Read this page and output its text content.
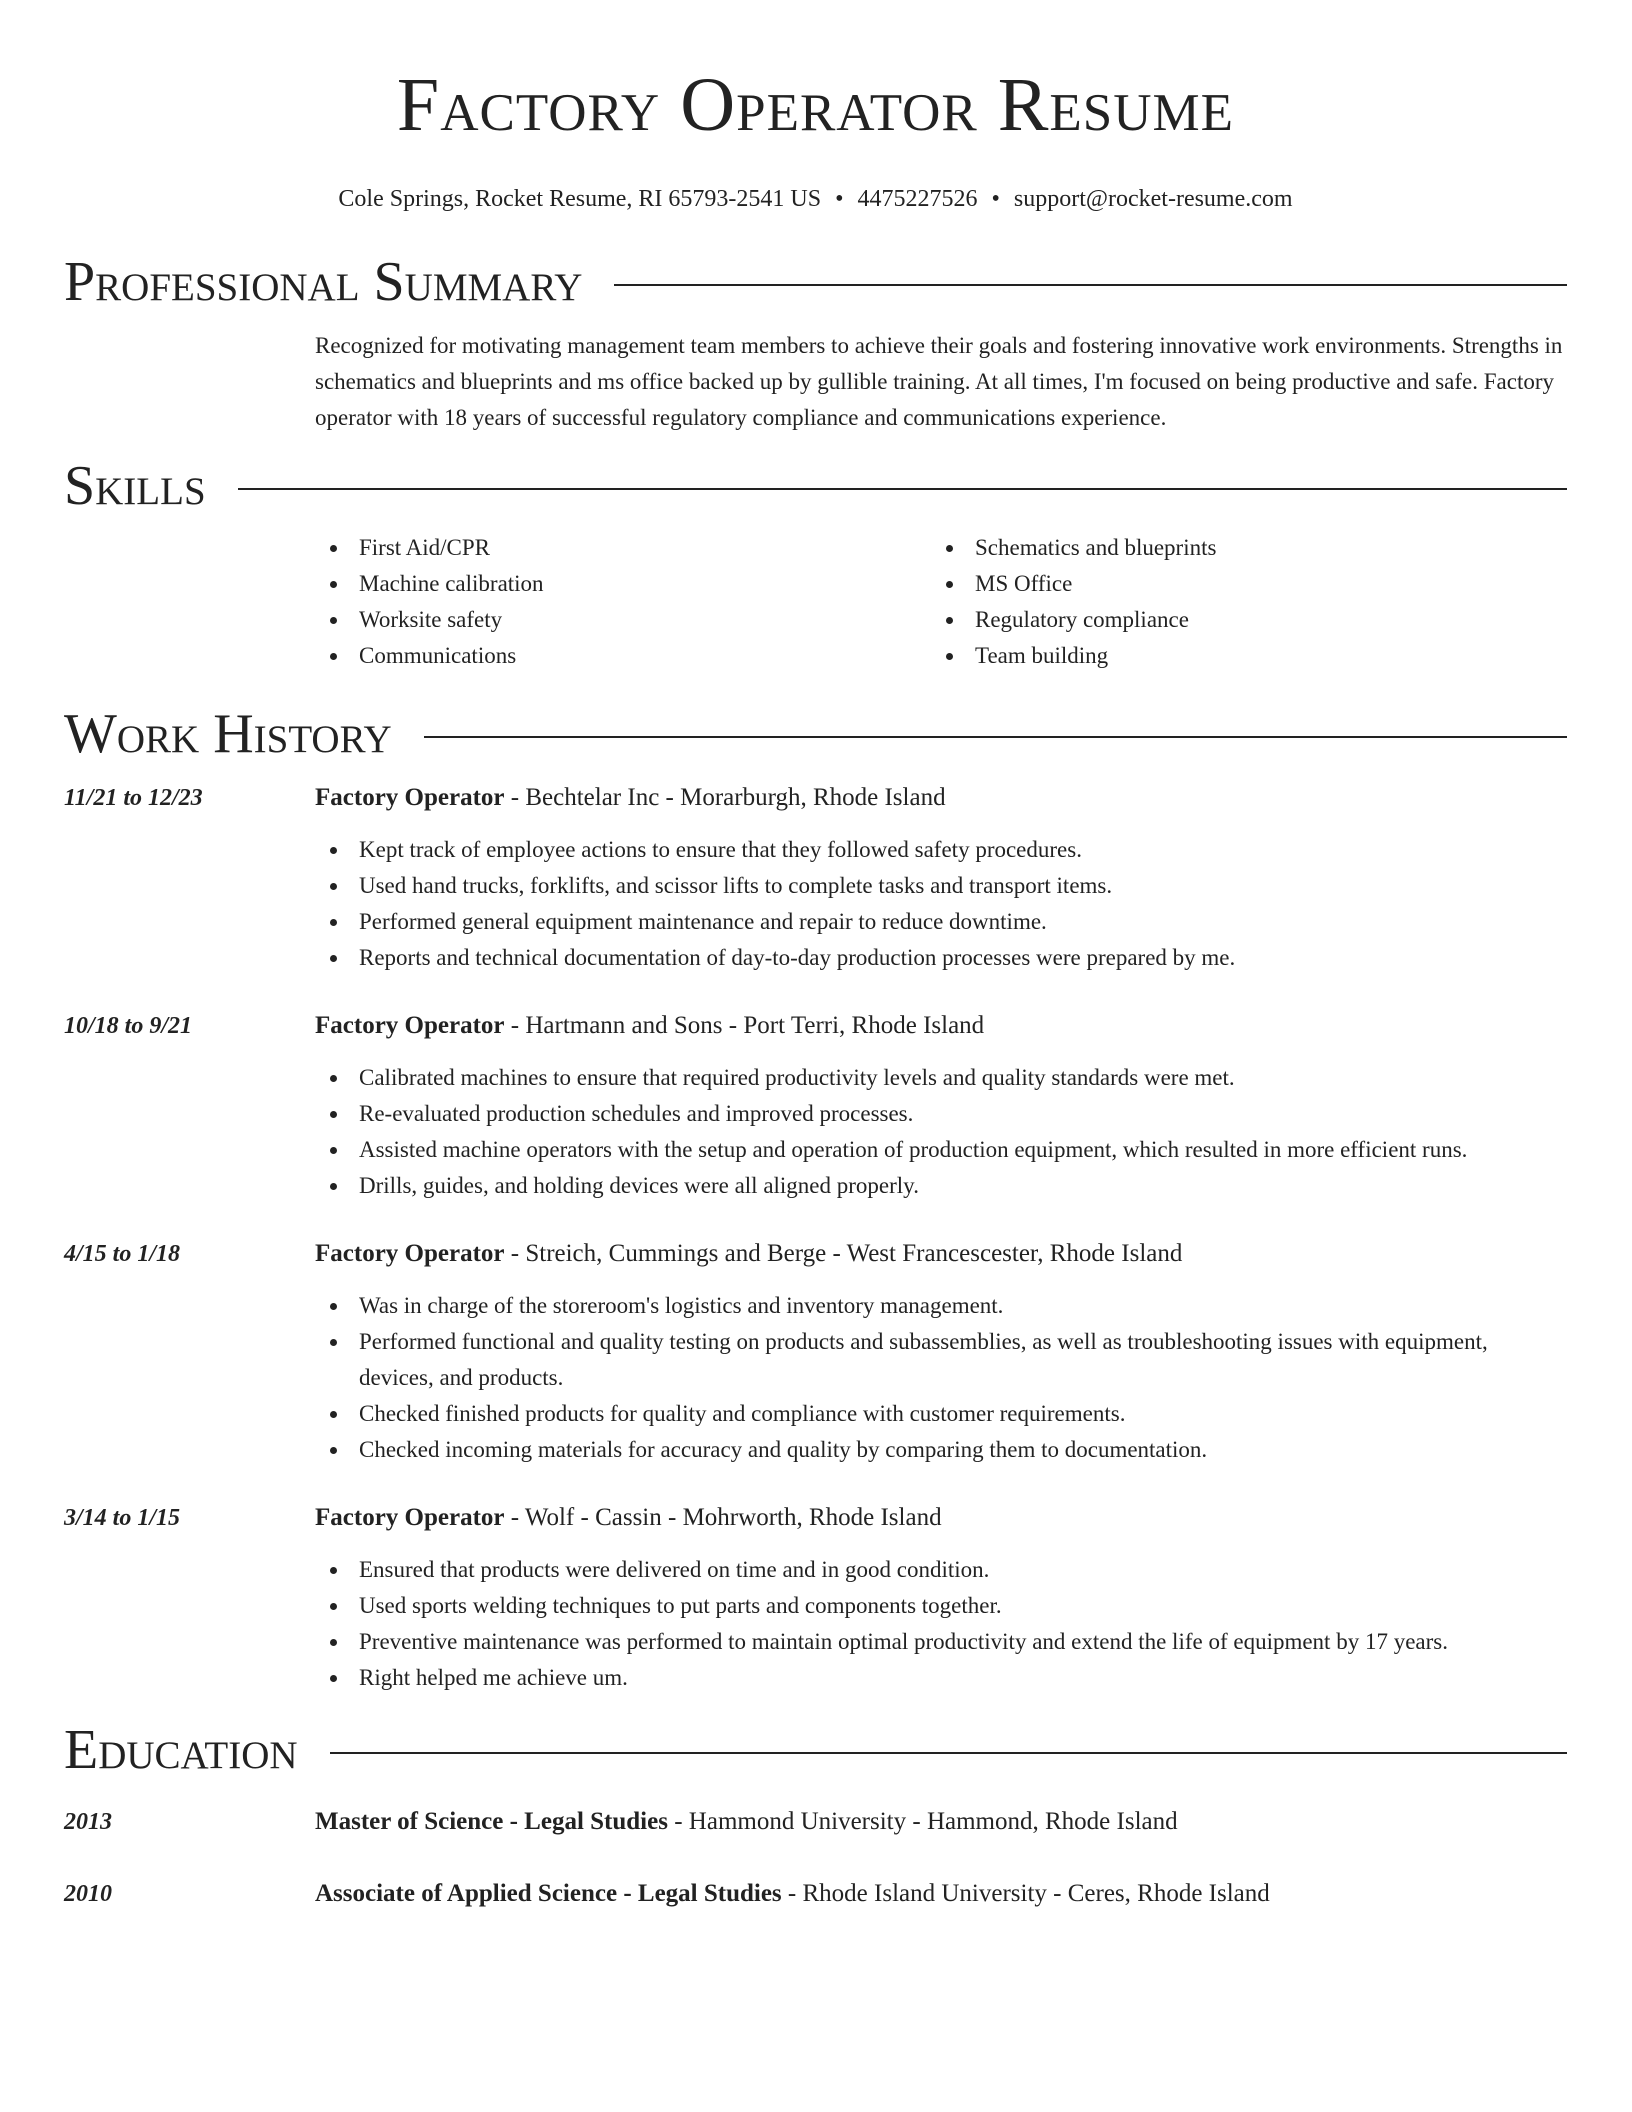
Factory Operator Resume
Cole Springs, Rocket Resume, RI 65793-2541 US • 4475227526 • support@rocket-resume.com
Professional Summary

Recognized for motivating management team members to achieve their goals and fostering innovative work environments. Strengths in schematics and blueprints and ms office backed up by gullible training. At all times, I'm focused on being productive and safe. Factory operator with 18 years of successful regulatory compliance and communications experience.

Skills
First Aid/CPR
Machine calibration
Worksite safety
Communications
Schematics and blueprints
MS Office
Regulatory compliance
Team building
Work History
11/21 to 12/23	Factory Operator - Bechtelar Inc - Morarburgh, Rhode Island
Kept track of employee actions to ensure that they followed safety procedures.
Used hand trucks, forklifts, and scissor lifts to complete tasks and transport items.
Performed general equipment maintenance and repair to reduce downtime.
Reports and technical documentation of day-to-day production processes were prepared by me.
10/18 to 9/21	Factory Operator - Hartmann and Sons - Port Terri, Rhode Island
Calibrated machines to ensure that required productivity levels and quality standards were met.
Re-evaluated production schedules and improved processes.
Assisted machine operators with the setup and operation of production equipment, which resulted in more efficient runs.
Drills, guides, and holding devices were all aligned properly.
4/15 to 1/18	Factory Operator - Streich, Cummings and Berge - West Francescester, Rhode Island
Was in charge of the storeroom's logistics and inventory management.
Performed functional and quality testing on products and subassemblies, as well as troubleshooting issues with equipment, devices, and products.
Checked finished products for quality and compliance with customer requirements.
Checked incoming materials for accuracy and quality by comparing them to documentation.
3/14 to 1/15	Factory Operator - Wolf - Cassin - Mohrworth, Rhode Island
Ensured that products were delivered on time and in good condition.
Used sports welding techniques to put parts and components together.
Preventive maintenance was performed to maintain optimal productivity and extend the life of equipment by 17 years.
Right helped me achieve um.
Education
2013	Master of Science - Legal Studies - Hammond University - Hammond, Rhode Island
2010	Associate of Applied Science - Legal Studies - Rhode Island University - Ceres, Rhode Island
